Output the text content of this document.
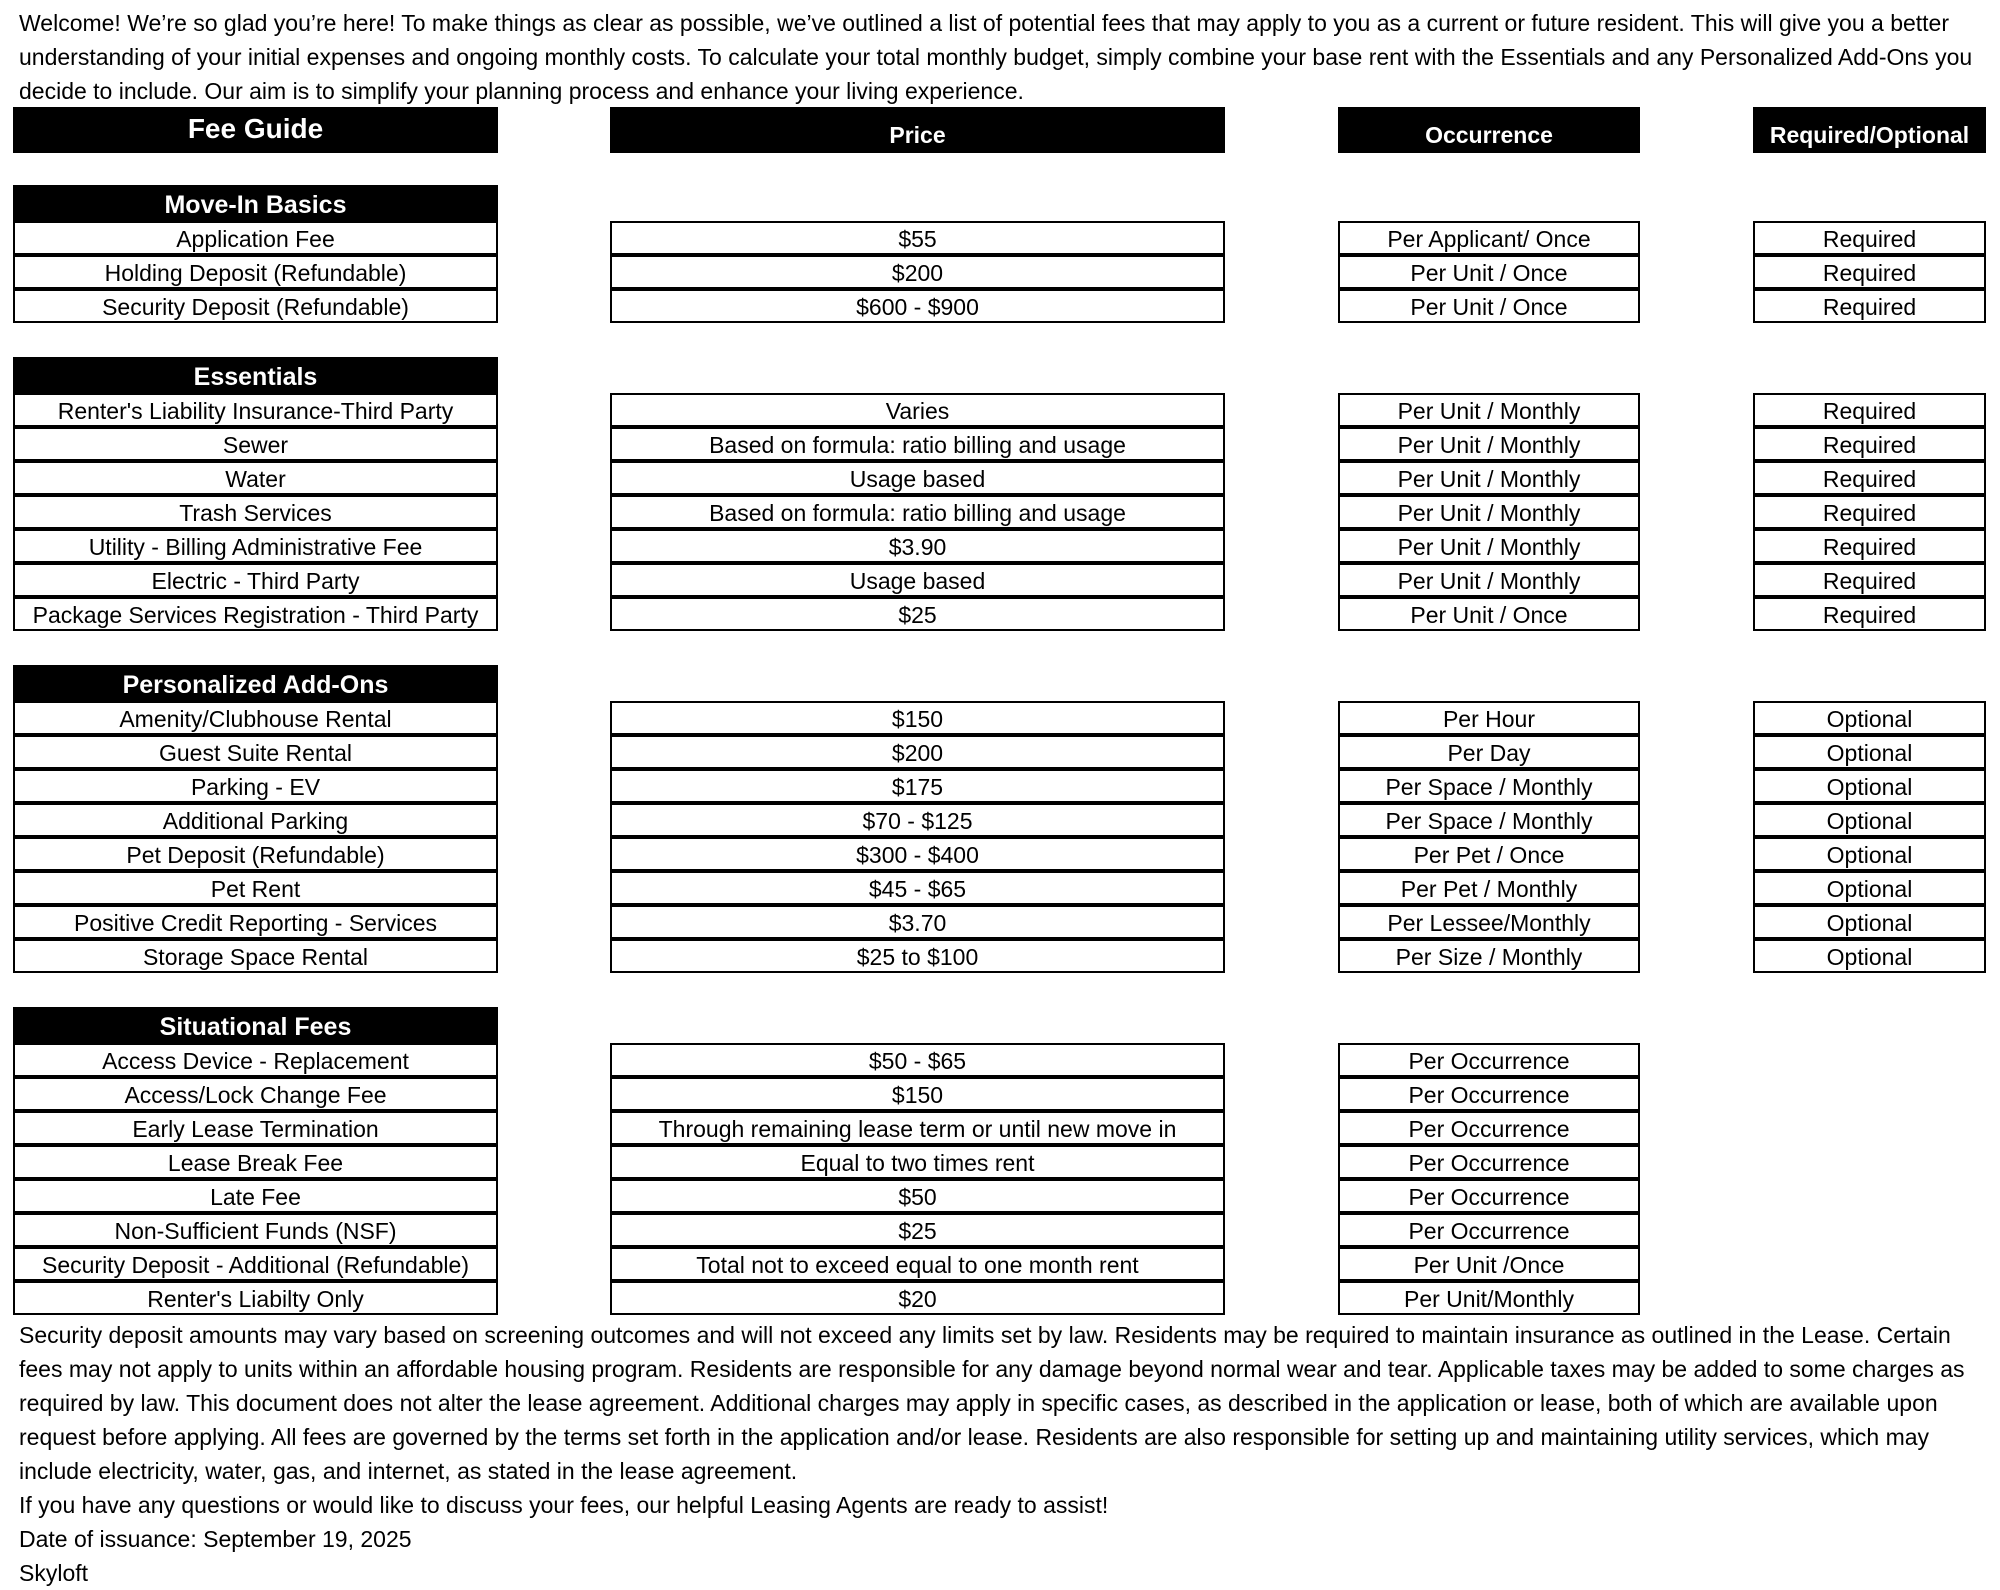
Welcome! We’re so glad you’re here! To make things as clear as possible, we’ve outlined a list of potential fees that may apply to you as a current or future resident. This will give you a better understanding of your initial expenses and ongoing monthly costs. To calculate your total monthly budget, simply combine your base rent with the Essentials and any Personalized Add-Ons you decide to include. Our aim is to simplify your planning process and enhance your living experience.
Fee Guide	Price	Occurrence	Required/Optional
Move-In Basics
Application Fee	$55	Per Applicant/ Once	Required
Holding Deposit (Refundable)	$200	Per Unit / Once	Required
Security Deposit (Refundable)	$600 - $900	Per Unit / Once	Required
Essentials
Renter's Liability Insurance-Third Party	Varies	Per Unit / Monthly	Required
Sewer	Based on formula: ratio billing and usage	Per Unit / Monthly	Required
Water	Usage based	Per Unit / Monthly	Required
Trash Services	Based on formula: ratio billing and usage	Per Unit / Monthly	Required
Utility - Billing Administrative Fee	$3.90	Per Unit / Monthly	Required
Electric - Third Party	Usage based	Per Unit / Monthly	Required
Package Services Registration - Third Party	$25	Per Unit / Once	Required
Personalized Add-Ons
Amenity/Clubhouse Rental	$150	Per Hour	Optional
Guest Suite Rental	$200	Per Day	Optional
Parking - EV	$175	Per Space / Monthly	Optional
Additional Parking	$70 - $125	Per Space / Monthly	Optional
Pet Deposit (Refundable)	$300 - $400	Per Pet / Once	Optional
Pet Rent	$45 - $65	Per Pet / Monthly	Optional
Positive Credit Reporting - Services	$3.70	Per Lessee/Monthly	Optional
Storage Space Rental	$25 to $100	Per Size / Monthly	Optional
Situational Fees
Access Device - Replacement	$50 - $65	Per Occurrence
Access/Lock Change Fee	$150	Per Occurrence
Early Lease Termination	Through remaining lease term or until new move in	Per Occurrence
Lease Break Fee	Equal to two times rent	Per Occurrence
Late Fee	$50	Per Occurrence
Non-Sufficient Funds (NSF)	$25	Per Occurrence
Security Deposit - Additional (Refundable)	Total not to exceed equal to one month rent	Per Unit /Once
Renter's Liabilty Only	$20	Per Unit/Monthly

Security deposit amounts may vary based on screening outcomes and will not exceed any limits set by law. Residents may be required to maintain insurance as outlined in the Lease. Certain fees may not apply to units within an affordable housing program. Residents are responsible for any damage beyond normal wear and tear. Applicable taxes may be added to some charges as required by law. This document does not alter the lease agreement. Additional charges may apply in specific cases, as described in the application or lease, both of which are available upon request before applying. All fees are governed by the terms set forth in the application and/or lease. Residents are also responsible for setting up and maintaining utility services, which may include electricity, water, gas, and internet, as stated in the lease agreement.

If you have any questions or would like to discuss your fees, our helpful Leasing Agents are ready to assist!

Date of issuance: September 19, 2025

Skyloft
